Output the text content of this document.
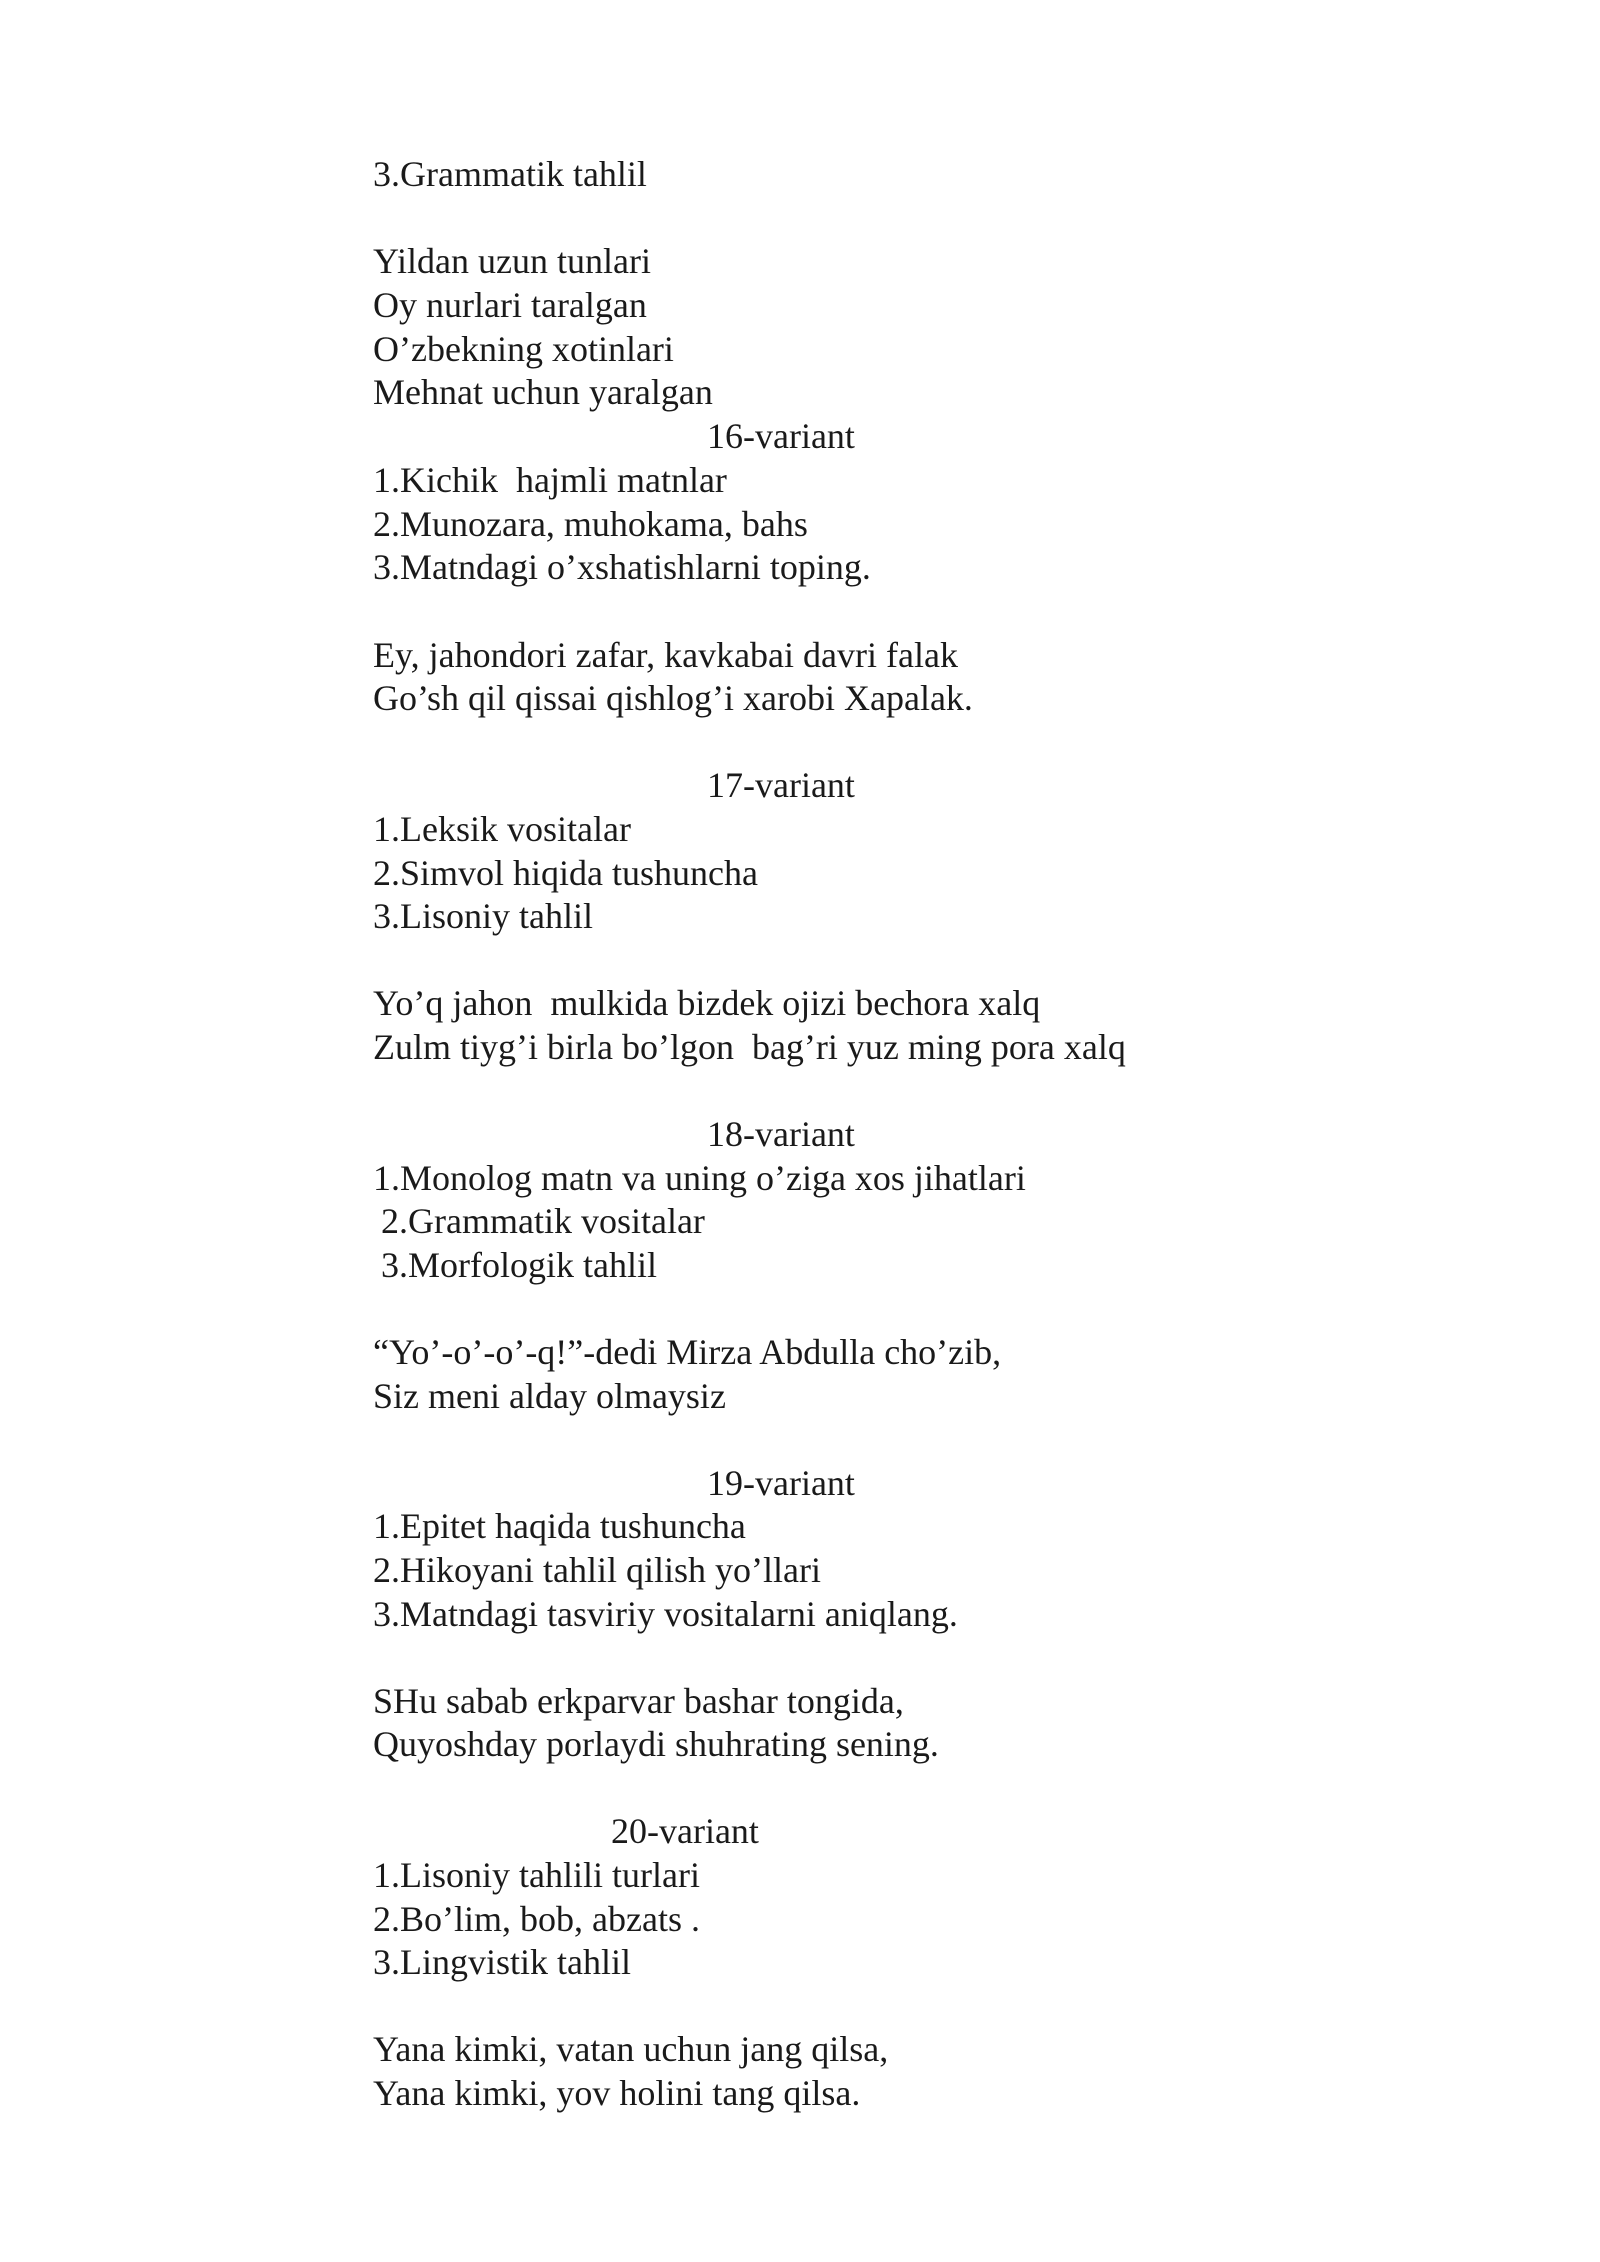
3.Grammatik tahlil
Yildan uzun tunlari
Oy nurlari taralgan
O’zbekning xotinlari
Mehnat uchun yaralgan
16-variant
1.Kichik  hajmli matnlar
2.Munozara, muhokama, bahs
3.Matndagi o’xshatishlarni toping.
Ey, jahondori zafar, kavkabai davri falak
Go’sh qil qissai qishlog’i xarobi Xapalak.
17-variant
1.Leksik vositalar
2.Simvol hiqida tushuncha
3.Lisoniy tahlil
Yo’q jahon  mulkida bizdek ojizi bechora xalq
Zulm tiyg’i birla bo’lgon  bag’ri yuz ming pora xalq
18-variant
1.Monolog matn va uning o’ziga xos jihatlari
2.Grammatik vositalar
3.Morfologik tahlil
“Yo’-o’-o’-q!”-dedi Mirza Abdulla cho’zib,
Siz meni alday olmaysiz
19-variant
1.Epitet haqida tushuncha
2.Hikoyani tahlil qilish yo’llari
3.Matndagi tasviriy vositalarni aniqlang.
SHu sabab erkparvar bashar tongida,
Quyoshday porlaydi shuhrating sening.
20-variant
1.Lisoniy tahlili turlari
2.Bo’lim, bob, abzats .
3.Lingvistik tahlil
Yana kimki, vatan uchun jang qilsa,
Yana kimki, yov holini tang qilsa.
